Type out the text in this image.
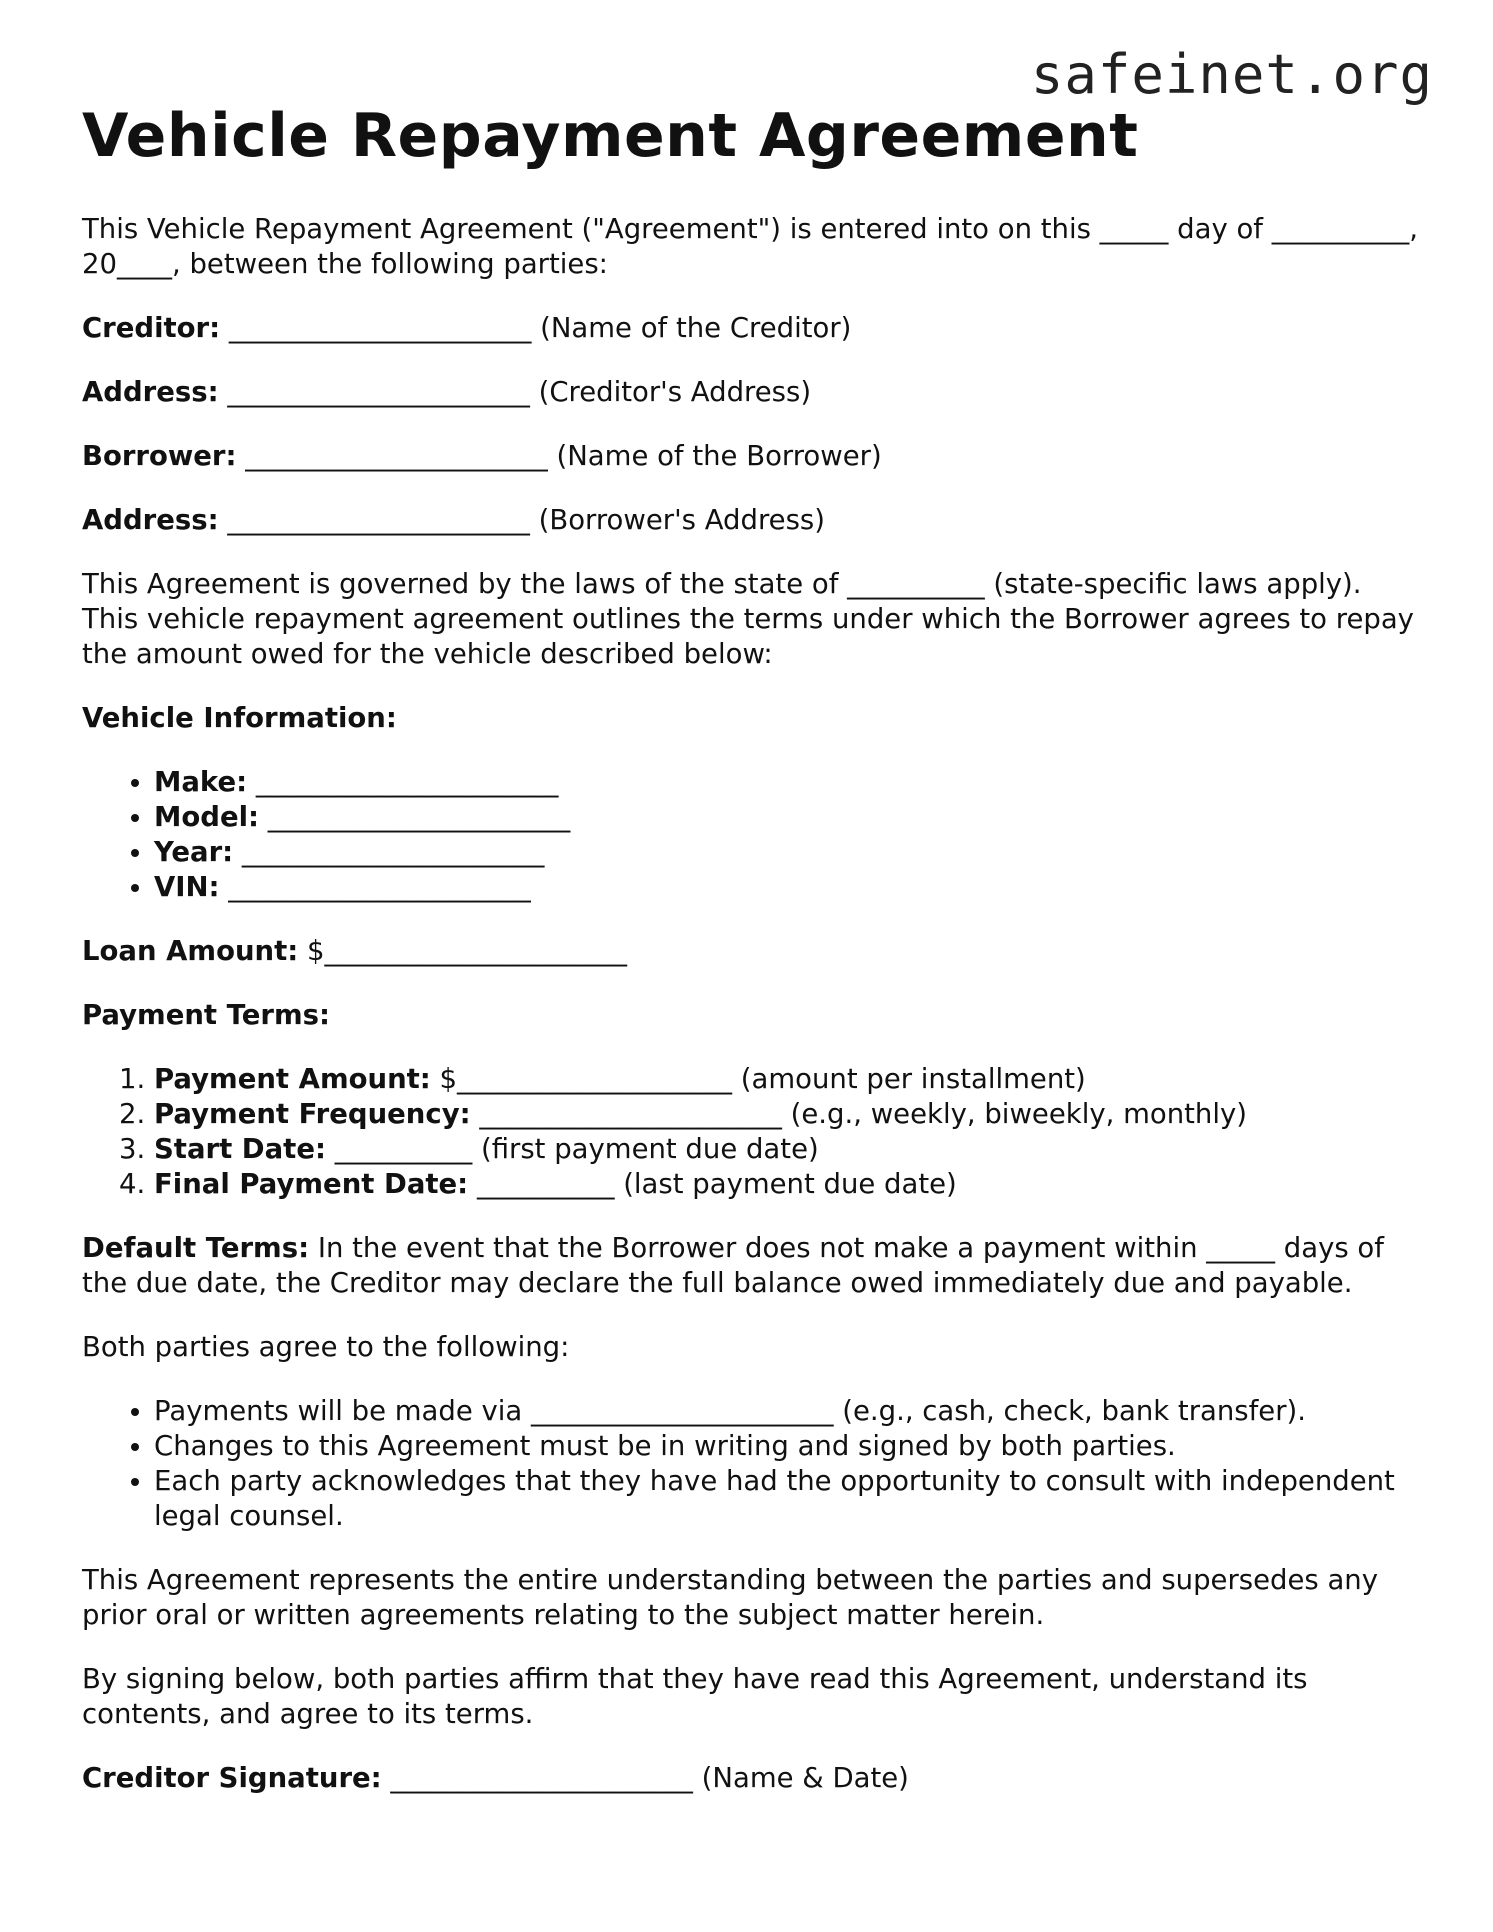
safeinet.org
Vehicle Repayment Agreement

This Vehicle Repayment Agreement ("Agreement") is entered into on this _____ day of __________, 20____, between the following parties:

Creditor: ______________________ (Name of the Creditor)

Address: ______________________ (Creditor's Address)

Borrower: ______________________ (Name of the Borrower)

Address: ______________________ (Borrower's Address)

This Agreement is governed by the laws of the state of __________ (state-specific laws apply). This vehicle repayment agreement outlines the terms under which the Borrower agrees to repay the amount owed for the vehicle described below:

Vehicle Information:

• Make: ______________________
• Model: ______________________
• Year: ______________________
• VIN: ______________________

Loan Amount: $______________________

Payment Terms:

1. Payment Amount: $____________________ (amount per installment)
2. Payment Frequency: ______________________ (e.g., weekly, biweekly, monthly)
3. Start Date: __________ (first payment due date)
4. Final Payment Date: __________ (last payment due date)

Default Terms: In the event that the Borrower does not make a payment within _____ days of the due date, the Creditor may declare the full balance owed immediately due and payable.

Both parties agree to the following:

• Payments will be made via ______________________ (e.g., cash, check, bank transfer).
• Changes to this Agreement must be in writing and signed by both parties.
• Each party acknowledges that they have had the opportunity to consult with independent legal counsel.

This Agreement represents the entire understanding between the parties and supersedes any prior oral or written agreements relating to the subject matter herein.

By signing below, both parties affirm that they have read this Agreement, understand its contents, and agree to its terms.

Creditor Signature: ______________________ (Name & Date)
